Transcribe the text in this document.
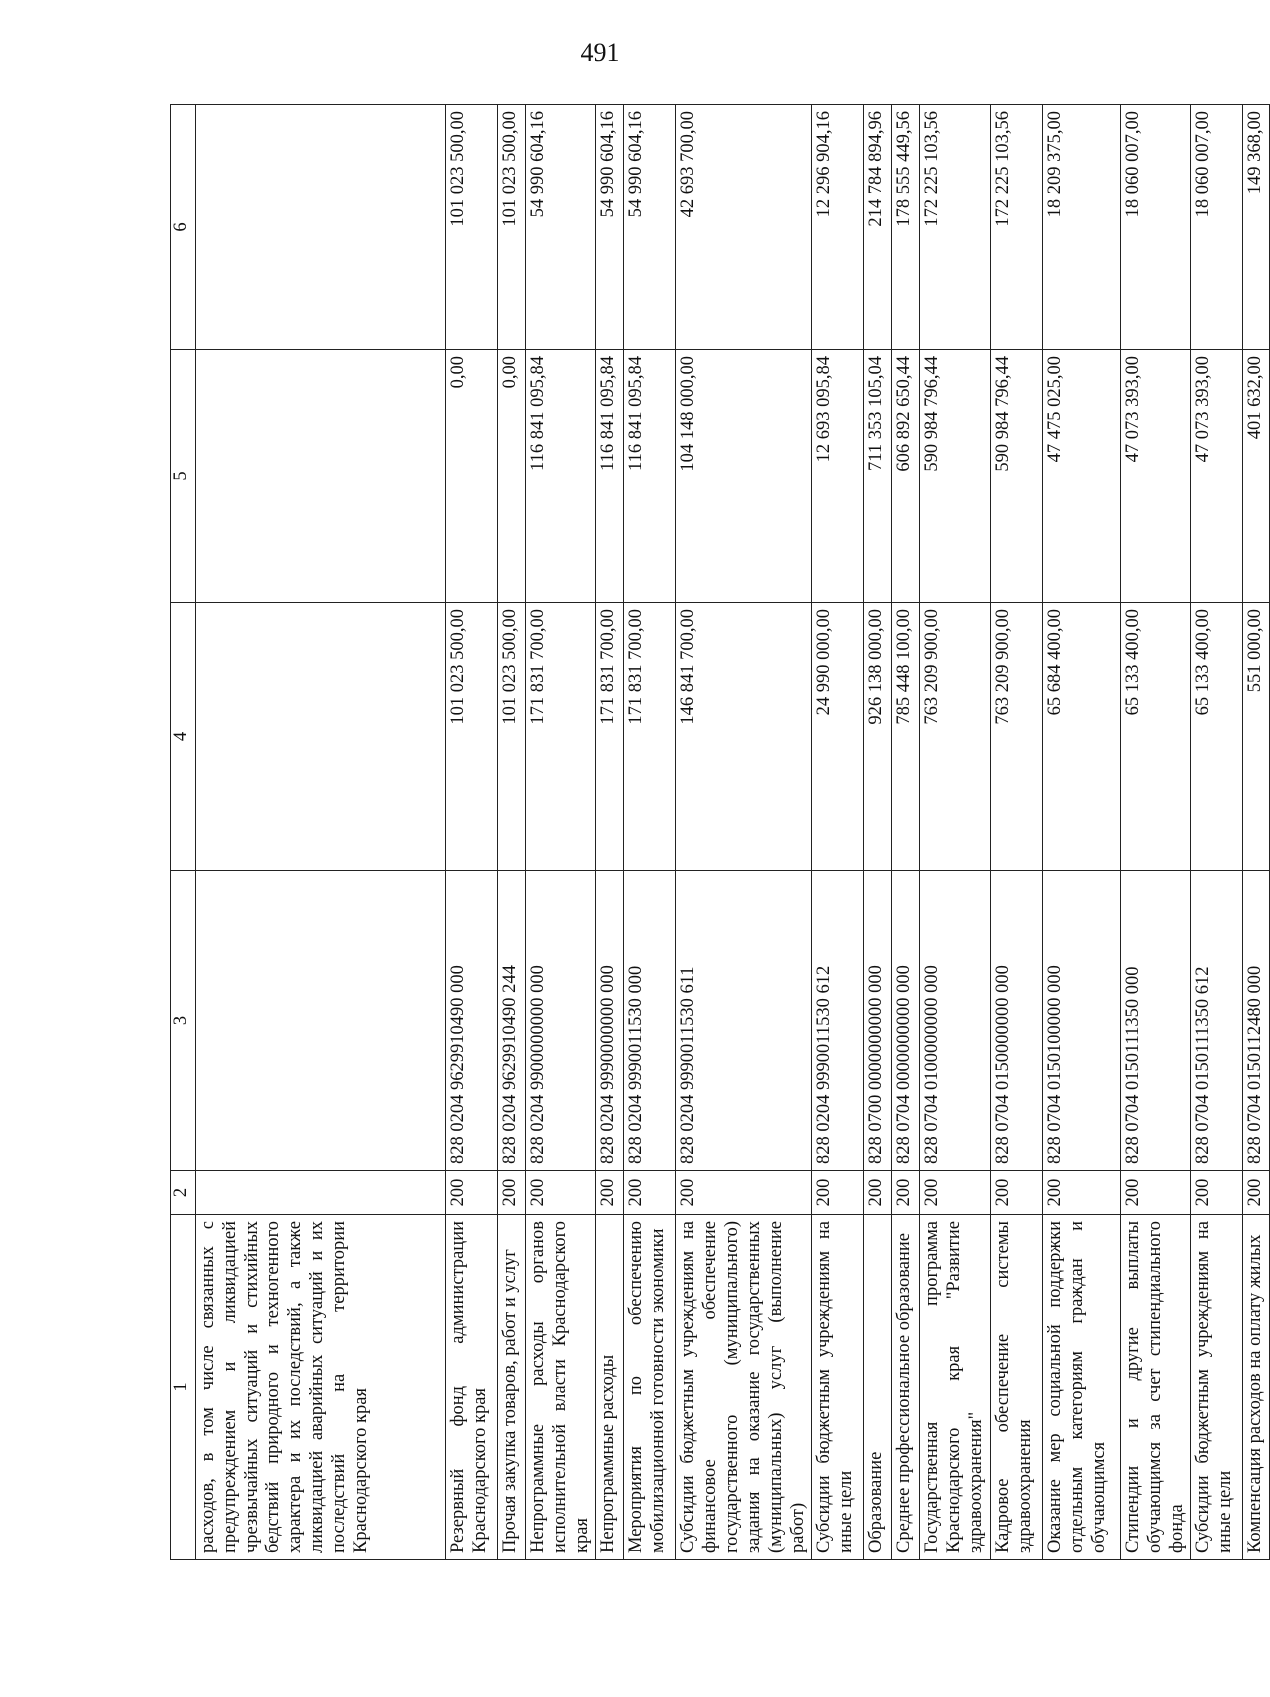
491
1	2	3	4	5	6
расходов, в том числе связанных с предупреждением и ликвидацией чрезвычайных ситуаций и стихийных бедствий природного и техногенного характера и их последствий, а также ликвидацией аварийных ситуаций и их последствий на территории Краснодарского края					
Резервный фонд администрации Краснодарского края	200	828 0204 9629910490 000	101 023 500,00	0,00	101 023 500,00
Прочая закупка товаров, работ и услуг	200	828 0204 9629910490 244	101 023 500,00	0,00	101 023 500,00
Непрограммные расходы органов исполнительной власти Краснодарского края	200	828 0204 9900000000 000	171 831 700,00	116 841 095,84	54 990 604,16
Непрограммные расходы	200	828 0204 9990000000 000	171 831 700,00	116 841 095,84	54 990 604,16
Мероприятия по обеспечению мобилизационной готовности экономики	200	828 0204 9990011530 000	171 831 700,00	116 841 095,84	54 990 604,16
Субсидии бюджетным учреждениям на финансовое обеспечение государственного (муниципального) задания на оказание государственных (муниципальных) услуг (выполнение работ)	200	828 0204 9990011530 611	146 841 700,00	104 148 000,00	42 693 700,00
Субсидии бюджетным учреждениям на иные цели	200	828 0204 9990011530 612	24 990 000,00	12 693 095,84	12 296 904,16
Образование	200	828 0700 0000000000 000	926 138 000,00	711 353 105,04	214 784 894,96
Среднее профессиональное образование	200	828 0704 0000000000 000	785 448 100,00	606 892 650,44	178 555 449,56
Государственная программа Краснодарского края "Развитие здравоохранения"	200	828 0704 0100000000 000	763 209 900,00	590 984 796,44	172 225 103,56
Кадровое обеспечение системы здравоохранения	200	828 0704 0150000000 000	763 209 900,00	590 984 796,44	172 225 103,56
Оказание мер социальной поддержки отдельным категориям граждан и обучающимся	200	828 0704 0150100000 000	65 684 400,00	47 475 025,00	18 209 375,00
Стипендии и другие выплаты обучающимся за счет стипендиального фонда	200	828 0704 0150111350 000	65 133 400,00	47 073 393,00	18 060 007,00
Субсидии бюджетным учреждениям на иные цели	200	828 0704 0150111350 612	65 133 400,00	47 073 393,00	18 060 007,00
Компенсация расходов на оплату жилых	200	828 0704 0150112480 000	551 000,00	401 632,00	149 368,00
